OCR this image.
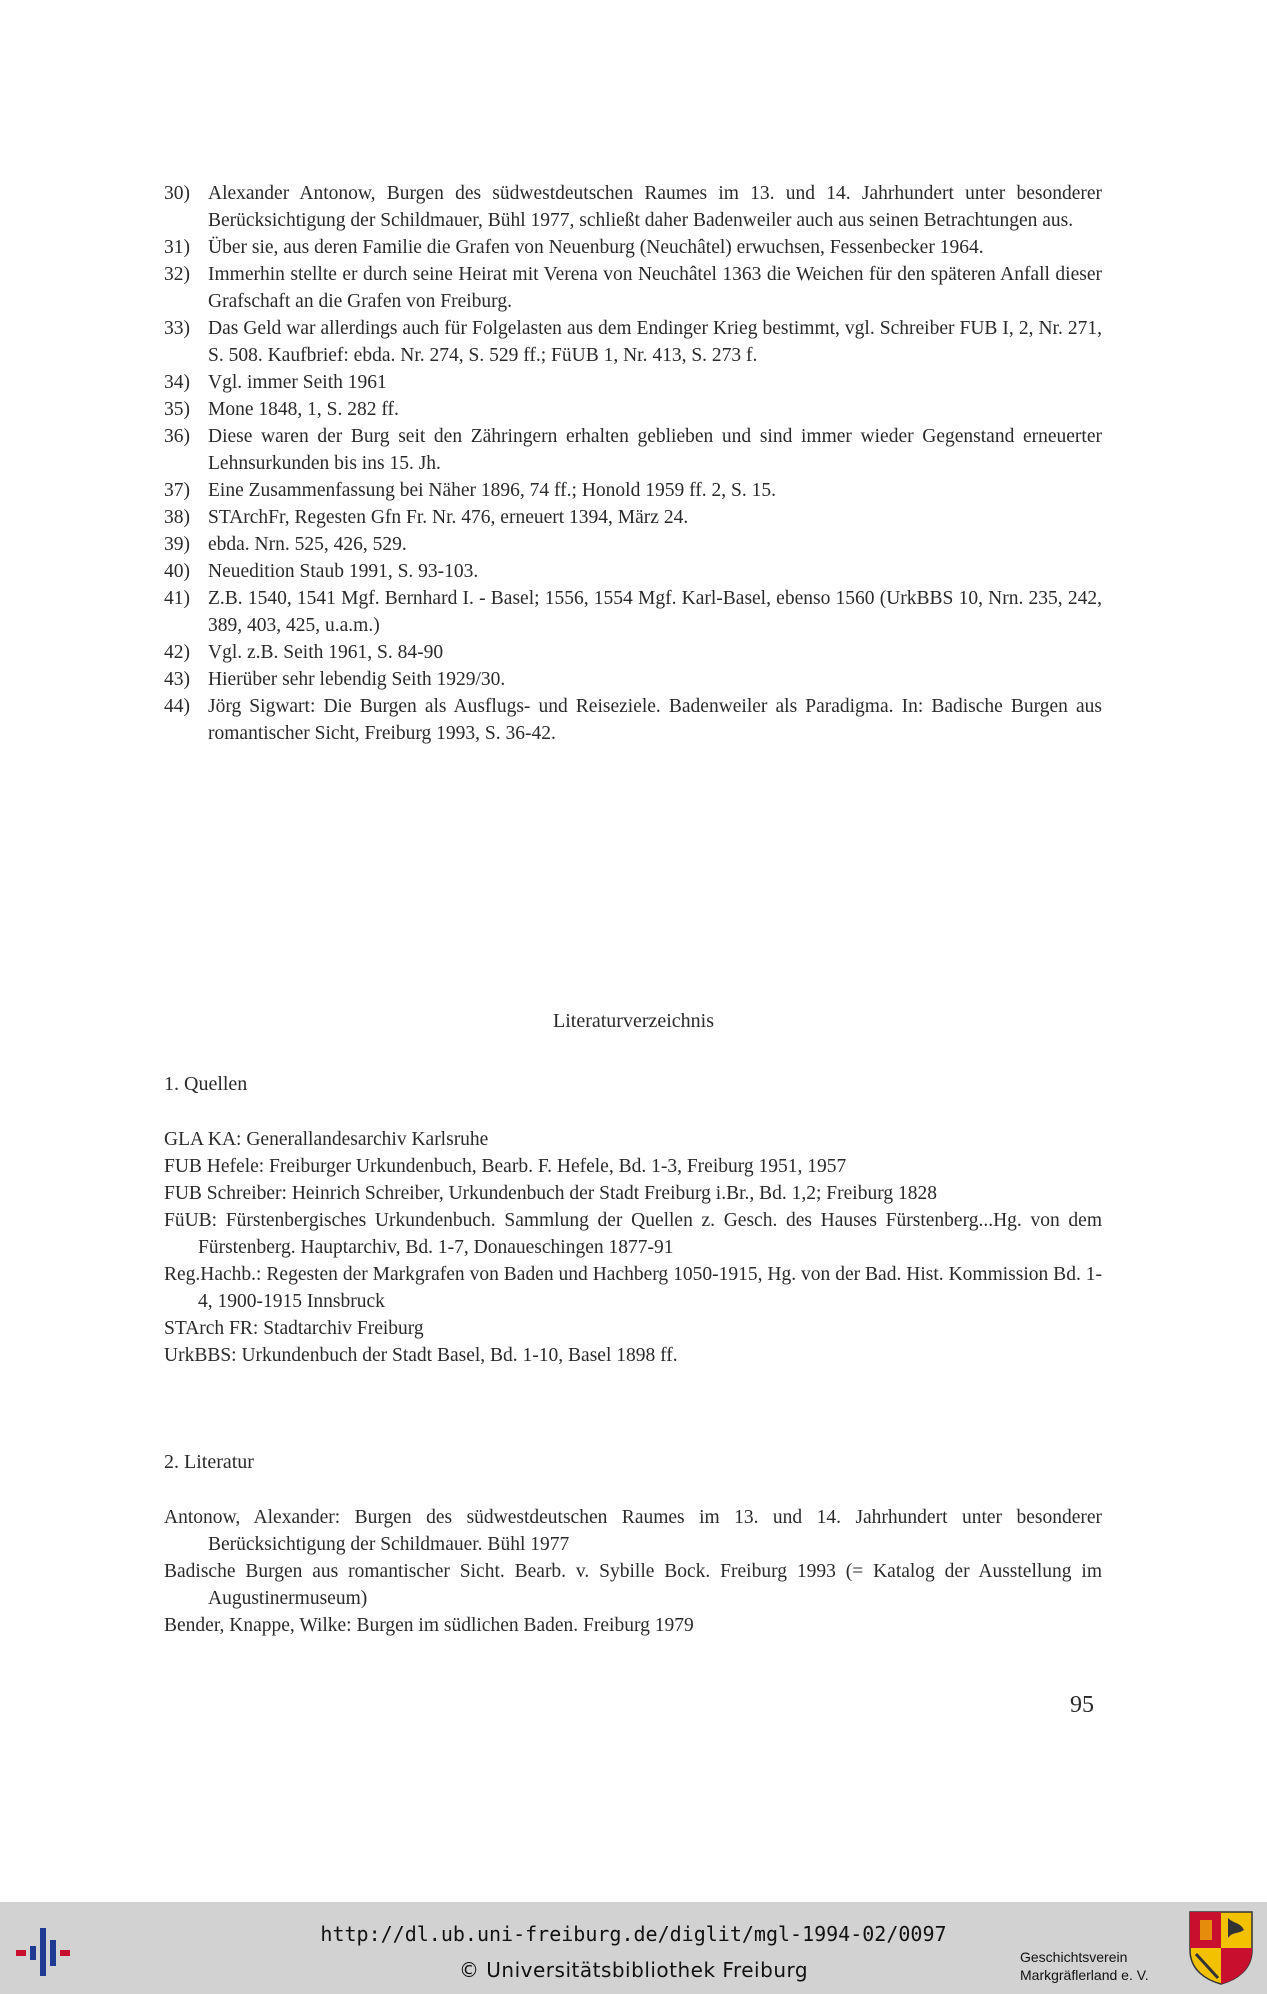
30) Alexander Antonow, Burgen des südwestdeutschen Raumes im 13. und 14. Jahrhundert unter besonderer Berücksichtigung der Schildmauer, Bühl 1977, schließt daher Badenweiler auch aus seinen Betrachtungen aus.
31) Über sie, aus deren Familie die Grafen von Neuenburg (Neuchâtel) erwuchsen, Fessenbecker 1964.
32) Immerhin stellte er durch seine Heirat mit Verena von Neuchâtel 1363 die Weichen für den späteren Anfall dieser Grafschaft an die Grafen von Freiburg.
33) Das Geld war allerdings auch für Folgelasten aus dem Endinger Krieg bestimmt, vgl. Schreiber FUB I, 2, Nr. 271, S. 508. Kaufbrief: ebda. Nr. 274, S. 529 ff.; FüUB 1, Nr. 413, S. 273 f.
34) Vgl. immer Seith 1961
35) Mone 1848, 1, S. 282 ff.
36) Diese waren der Burg seit den Zähringern erhalten geblieben und sind immer wieder Gegenstand erneuerter Lehnsurkunden bis ins 15. Jh.
37) Eine Zusammenfassung bei Näher 1896, 74 ff.; Honold 1959 ff. 2, S. 15.
38) STArchFr, Regesten Gfn Fr. Nr. 476, erneuert 1394, März 24.
39) ebda. Nrn. 525, 426, 529.
40) Neuedition Staub 1991, S. 93-103.
41) Z.B. 1540, 1541 Mgf. Bernhard I. - Basel; 1556, 1554 Mgf. Karl-Basel, ebenso 1560 (UrkBBS 10, Nrn. 235, 242, 389, 403, 425, u.a.m.)
42) Vgl. z.B. Seith 1961, S. 84-90
43) Hierüber sehr lebendig Seith 1929/30.
44) Jörg Sigwart: Die Burgen als Ausflugs- und Reiseziele. Badenweiler als Paradigma. In: Badische Burgen aus romantischer Sicht, Freiburg 1993, S. 36-42.
Literaturverzeichnis
1. Quellen
GLA KA: Generallandesarchiv Karlsruhe
FUB Hefele: Freiburger Urkundenbuch, Bearb. F. Hefele, Bd. 1-3, Freiburg 1951, 1957
FUB Schreiber: Heinrich Schreiber, Urkundenbuch der Stadt Freiburg i.Br., Bd. 1,2; Freiburg 1828
FüUB: Fürstenbergisches Urkundenbuch. Sammlung der Quellen z. Gesch. des Hauses Fürstenberg...Hg. von dem Fürstenberg. Hauptarchiv, Bd. 1-7, Donaueschingen 1877-91
Reg.Hachb.: Regesten der Markgrafen von Baden und Hachberg 1050-1915, Hg. von der Bad. Hist. Kommission Bd. 1-4, 1900-1915 Innsbruck
STArch FR: Stadtarchiv Freiburg
UrkBBS: Urkundenbuch der Stadt Basel, Bd. 1-10, Basel 1898 ff.
2. Literatur
Antonow, Alexander: Burgen des südwestdeutschen Raumes im 13. und 14. Jahrhundert unter besonderer Berücksichtigung der Schildmauer. Bühl 1977
Badische Burgen aus romantischer Sicht. Bearb. v. Sybille Bock. Freiburg 1993 (= Katalog der Ausstellung im Augustinermuseum)
Bender, Knappe, Wilke: Burgen im südlichen Baden. Freiburg 1979
95
http://dl.ub.uni-freiburg.de/diglit/mgl-1994-02/0097
© Universitätsbibliothek Freiburg
Geschichtsverein
Markgräflerland e. V.
